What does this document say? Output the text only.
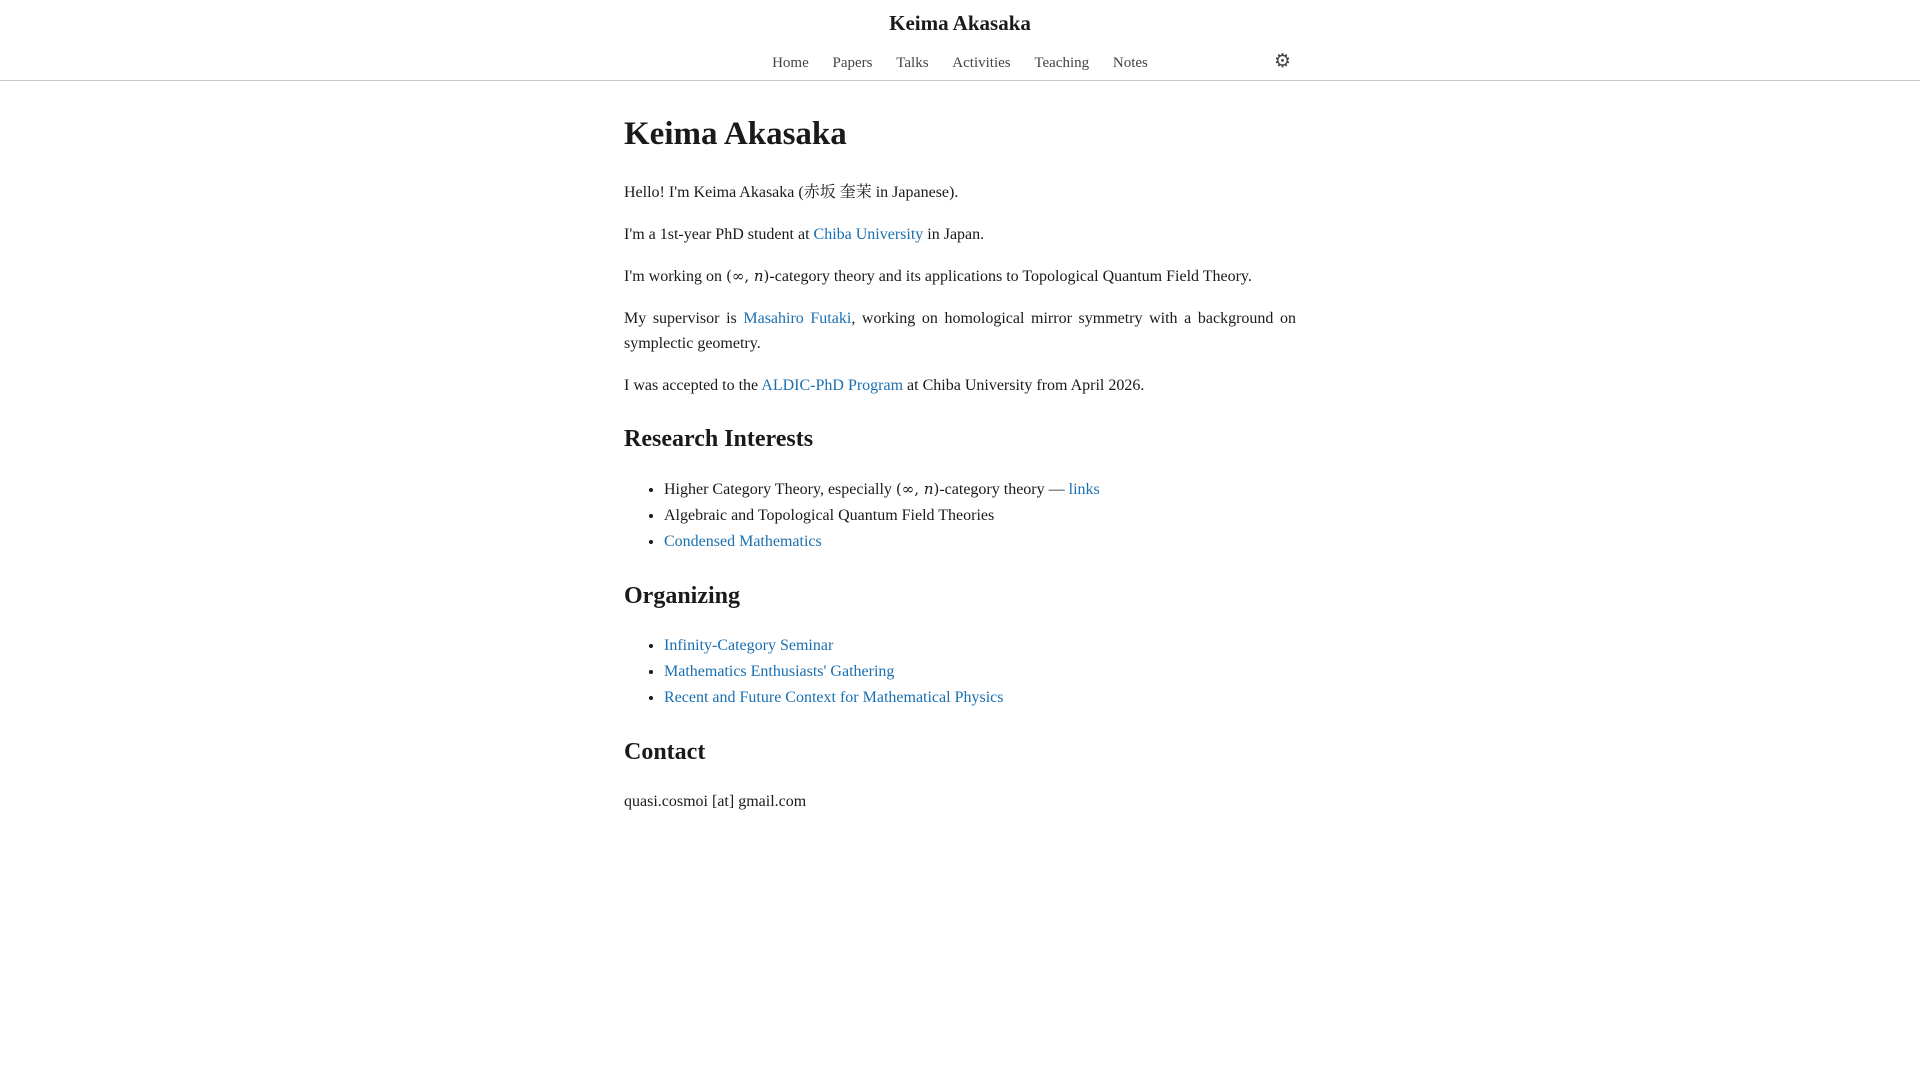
Keima Akasaka
Home Papers Talks Activities Teaching Notes	⚙
Keima Akasaka

Hello! I'm Keima Akasaka (赤坂 奎茉 in Japanese).

I'm a 1st-year PhD student at Chiba University in Japan.

I'm working on (∞, n)-category theory and its applications to Topological Quantum Field Theory.

My supervisor is Masahiro Futaki, working on homological mirror symmetry with a background on symplectic geometry.

I was accepted to the ALDIC-PhD Program at Chiba University from April 2026.

Research Interests
• Higher Category Theory, especially (∞, n)-category theory — links
• Algebraic and Topological Quantum Field Theories
• Condensed Mathematics
Organizing
• Infinity-Category Seminar
• Mathematics Enthusiasts' Gathering
• Recent and Future Context for Mathematical Physics
Contact

quasi.cosmoi [at] gmail.com
